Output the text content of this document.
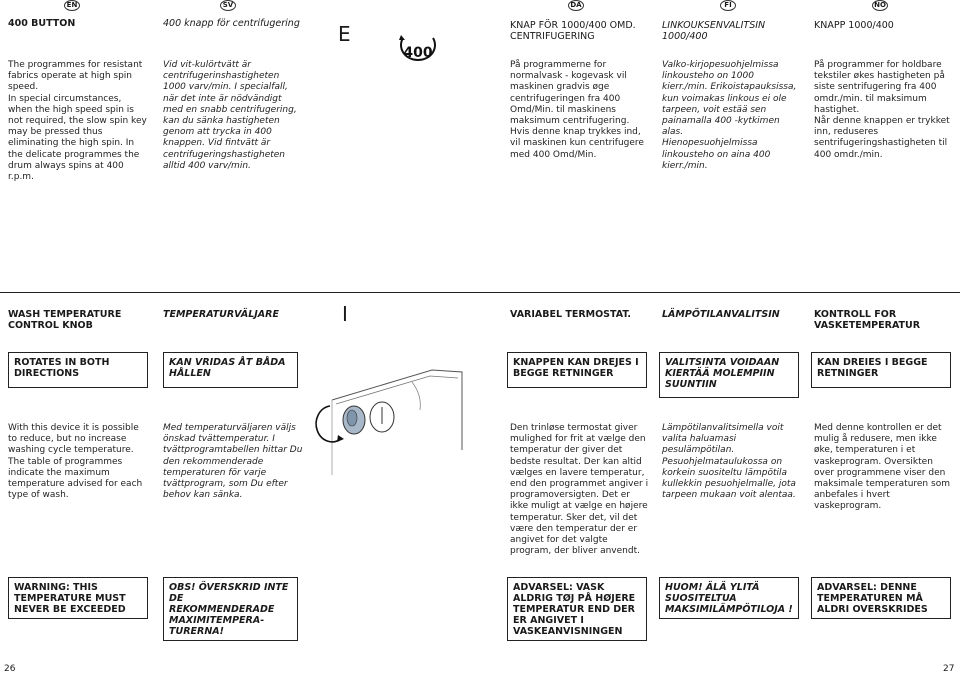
EN	SV	DA	FI	NO
400 BUTTON	400 knapp för centrifugering	E	KNAP FÖR 1000/400 OMD. CENTRIFUGERING
LINKOUKSENVALITSIN 1000/400
KNAPP 1000/400
400
The programmes for resistant fabrics operate at high spin speed.
In special circumstances, when the high speed spin is not required, the slow spin key may be pressed thus eliminating the high spin. In the delicate programmes the drum always spins at 400 r.p.m.
Vid vit-kulörtvätt är centrifugerinshastigheten 1000 varv/min. I specialfall, när det inte är nödvändigt med en snabb centrifugering, kan du sänka hastigheten genom att trycka in 400 knappen. Vid fintvätt är centrifugeringshastigheten alltid 400 varv/min.
På programmerne for normalvask - kogevask vil maskinen gradvis øge centrifugeringen fra 400 Omd/Min. til maskinens maksimum centrifugering. Hvis denne knap trykkes ind, vil maskinen kun centrifugere med 400 Omd/Min.
Valko-kirjopesuohjelmissa linkousteho on 1000 kierr./min. Erikoistapauksissa, kun voimakas linkous ei ole tarpeen, voit estää sen painamalla 400 -kytkimen alas.
Hienopesuohjelmissa linkousteho on aina 400 kierr./min.
På programmer for holdbare tekstiler økes hastigheten på siste sentrifugering fra 400 omdr./min. til maksimum hastighet.
Når denne knappen er trykket inn, reduseres sentrifugeringshastigheten til 400 omdr./min.
WASH TEMPERATURE CONTROL KNOB
TEMPERATURVÄLJARE	I	VARIABEL TERMOSTAT.	LÄMPÖTILANVALITSIN	KONTROLL FOR VASKETEMPERATUR
ROTATES IN BOTH DIRECTIONS
KAN VRIDAS ÅT BÅDA HÅLLEN
KNAPPEN KAN DREJES I BEGGE RETNINGER
VALITSINTA VOIDAAN KIERTÄÄ MOLEMPIIN SUUNTIIN
KAN DREIES I BEGGE RETNINGER
With this device it is possible to reduce, but no increase washing cycle temperature. The table of programmes indicate the maximum temperature advised for each type of wash.
Med temperaturväljaren väljs önskad tvättemperatur. I tvättprogramtabellen hittar Du den rekommenderade temperaturen för varje tvättprogram, som Du efter behov kan sänka.
Den trinløse termostat giver mulighed for frit at vælge den temperatur der giver det bedste resultat. Der kan altid vælges en lavere temperatur, end den programmet angiver i programoversigten. Det er ikke muligt at vælge en højere temperatur. Sker det, vil det være den temperatur der er angivet for det valgte program, der bliver anvendt.
Lämpötilanvalitsimella voit valita haluamasi pesulämpötilan. Pesuohjelmataulukossa on korkein suositeltu lämpötila kullekkin pesuohjelmalle, jota tarpeen mukaan voit alentaa.
Med denne kontrollen er det mulig å redusere, men ikke øke, temperaturen i et vaskeprogram. Oversikten over programmene viser den maksimale temperaturen som anbefales i hvert vaskeprogram.
WARNING: THIS TEMPERATURE MUST NEVER BE EXCEEDED
OBS! ÖVERSKRID INTE DE REKOMMENDERADE MAXIMITEMPERA-TURERNA!
ADVARSEL: VASK ALDRIG TØJ PÅ HØJERE TEMPERATUR END DER ER ANGIVET I VASKEANVISNINGEN
HUOM! ÄLÄ YLITÄ SUOSITELTUA MAKSIMILÄMPÖTILOJA !
ADVARSEL: DENNE TEMPERATUREN MÅ ALDRI OVERSKRIDES
26	27
